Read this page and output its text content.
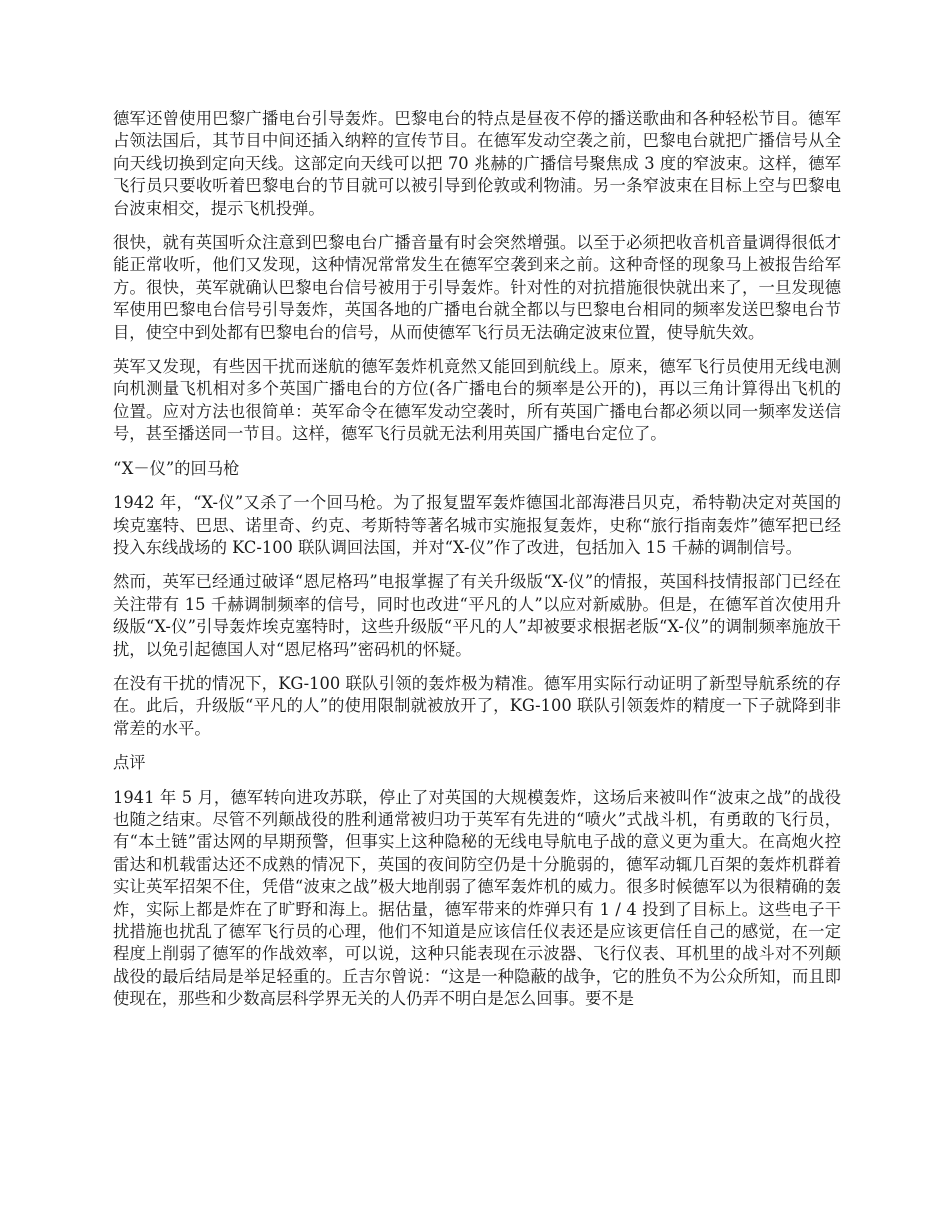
德军还曾使用巴黎广播电台引导轰炸。巴黎电台的特点是昼夜不停的播送歌曲和各种轻松节目。德军占领法国后，其节目中间还插入纳粹的宣传节目。在德军发动空袭之前，巴黎电台就把广播信号从全向天线切换到定向天线。这部定向天线可以把 70 兆赫的广播信号聚焦成 3 度的窄波束。这样，德军飞行员只要收听着巴黎电台的节目就可以被引导到伦敦或利物浦。另一条窄波束在目标上空与巴黎电台波束相交，提示飞机投弹。

很快，就有英国听众注意到巴黎电台广播音量有时会突然增强。以至于必须把收音机音量调得很低才能正常收听，他们又发现，这种情况常常发生在德军空袭到来之前。这种奇怪的现象马上被报告给军方。很快，英军就确认巴黎电台信号被用于引导轰炸。针对性的对抗措施很快就出来了，一旦发现德军使用巴黎电台信号引导轰炸，英国各地的广播电台就全都以与巴黎电台相同的频率发送巴黎电台节目，使空中到处都有巴黎电台的信号，从而使德军飞行员无法确定波束位置，使导航失效。

英军又发现，有些因干扰而迷航的德军轰炸机竟然又能回到航线上。原来，德军飞行员使用无线电测向机测量飞机相对多个英国广播电台的方位(各广播电台的频率是公开的)，再以三角计算得出飞机的位置。应对方法也很简单：英军命令在德军发动空袭时，所有英国广播电台都必须以同一频率发送信号，甚至播送同一节目。这样，德军飞行员就无法利用英国广播电台定位了。

“X－仪”的回马枪

1942 年，“X-仪”又杀了一个回马枪。为了报复盟军轰炸德国北部海港吕贝克，希特勒决定对英国的埃克塞特、巴思、诺里奇、约克、考斯特等著名城市实施报复轰炸，史称“旅行指南轰炸”德军把已经投入东线战场的 KC-100 联队调回法国，并对“X-仪”作了改进，包括加入 15 千赫的调制信号。

然而，英军已经通过破译“恩尼格玛”电报掌握了有关升级版“X-仪”的情报，英国科技情报部门已经在关注带有 15 千赫调制频率的信号，同时也改进“平凡的人”以应对新威胁。但是，在德军首次使用升级版“X-仪”引导轰炸埃克塞特时，这些升级版“平凡的人”却被要求根据老版“X-仪”的调制频率施放干扰，以免引起德国人对“恩尼格玛”密码机的怀疑。

在没有干扰的情况下，KG-100 联队引领的轰炸极为精准。德军用实际行动证明了新型导航系统的存在。此后，升级版“平凡的人”的使用限制就被放开了，KG-100 联队引领轰炸的精度一下子就降到非常差的水平。

点评

1941 年 5 月，德军转向进攻苏联，停止了对英国的大规模轰炸，这场后来被叫作“波束之战”的战役也随之结束。尽管不列颠战役的胜利通常被归功于英军有先进的“喷火”式战斗机，有勇敢的飞行员，有“本土链”雷达网的早期预警，但事实上这种隐秘的无线电导航电子战的意义更为重大。在高炮火控雷达和机载雷达还不成熟的情况下，英国的夜间防空仍是十分脆弱的，德军动辄几百架的轰炸机群着实让英军招架不住，凭借“波束之战”极大地削弱了德军轰炸机的威力。很多时候德军以为很精确的轰炸，实际上都是炸在了旷野和海上。据估量，德军带来的炸弹只有 1 / 4 投到了目标上。这些电子干扰措施也扰乱了德军飞行员的心理，他们不知道是应该信任仪表还是应该更信任自己的感觉，在一定程度上削弱了德军的作战效率，可以说，这种只能表现在示波器、飞行仪表、耳机里的战斗对不列颠战役的最后结局是举足轻重的。丘吉尔曾说：“这是一种隐蔽的战争，它的胜负不为公众所知，而且即使现在，那些和少数高层科学界无关的人仍弄不明白是怎么回事。要不是
